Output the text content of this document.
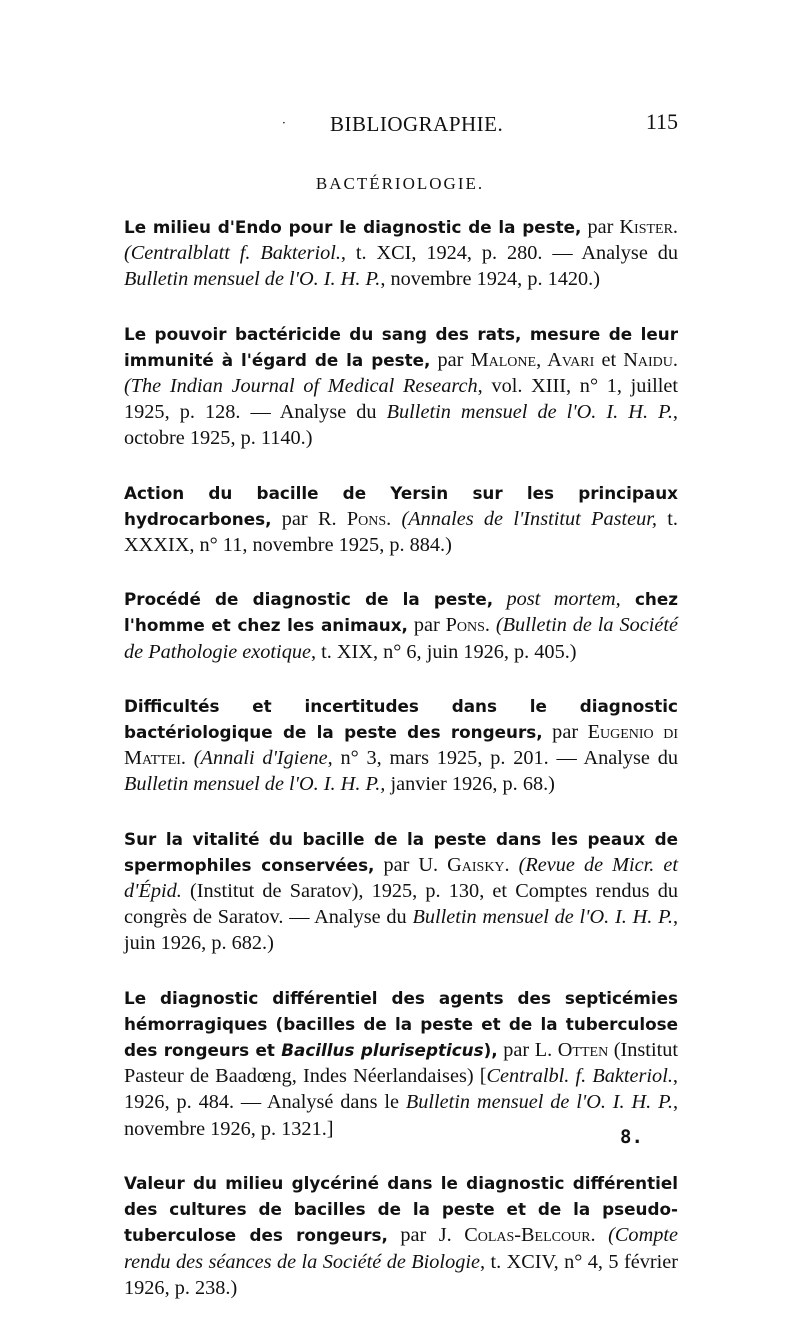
· BIBLIOGRAPHIE.	115
BACTÉRIOLOGIE.
Le milieu d'Endo pour le diagnostic de la peste, par Kister. (Centralblatt f. Bakteriol., t. XCI, 1924, p. 280. — Analyse du Bulletin mensuel de l'O. I. H. P., novembre 1924, p. 1420.)
Le pouvoir bactéricide du sang des rats, mesure de leur immunité à l'égard de la peste, par Malone, Avari et Naidu. (The Indian Journal of Medical Research, vol. XIII, n° 1, juillet 1925, p. 128. — Analyse du Bulletin mensuel de l'O. I. H. P., octobre 1925, p. 1140.)
Action du bacille de Yersin sur les principaux hydrocarbones, par R. Pons. (Annales de l'Institut Pasteur, t. XXXIX, n° 11, novembre 1925, p. 884.)
Procédé de diagnostic de la peste, post mortem, chez l'homme et chez les animaux, par Pons. (Bulletin de la Société de Pathologie exotique, t. XIX, n° 6, juin 1926, p. 405.)
Difficultés et incertitudes dans le diagnostic bactériologique de la peste des rongeurs, par Eugenio di Mattei. (Annali d'Igiene, n° 3, mars 1925, p. 201. — Analyse du Bulletin mensuel de l'O. I. H. P., janvier 1926, p. 68.)
Sur la vitalité du bacille de la peste dans les peaux de spermophiles conservées, par U. Gaisky. (Revue de Micr. et d'Épid. (Institut de Saratov), 1925, p. 130, et Comptes rendus du congrès de Saratov. — Analyse du Bulletin mensuel de l'O. I. H. P., juin 1926, p. 682.)
Le diagnostic différentiel des agents des septicémies hémorragiques (bacilles de la peste et de la tuberculose des rongeurs et Bacillus plurisepticus), par L. Otten (Institut Pasteur de Baadœng, Indes Néerlandaises) [Centralbl. f. Bakteriol., 1926, p. 484. — Analysé dans le Bulletin mensuel de l'O. I. H. P., novembre 1926, p. 1321.]
Valeur du milieu glycériné dans le diagnostic différentiel des cultures de bacilles de la peste et de la pseudo-tuberculose des rongeurs, par J. Colas-Belcour. (Compte rendu des séances de la Société de Biologie, t. XCIV, n° 4, 5 février 1926, p. 238.)
8.
